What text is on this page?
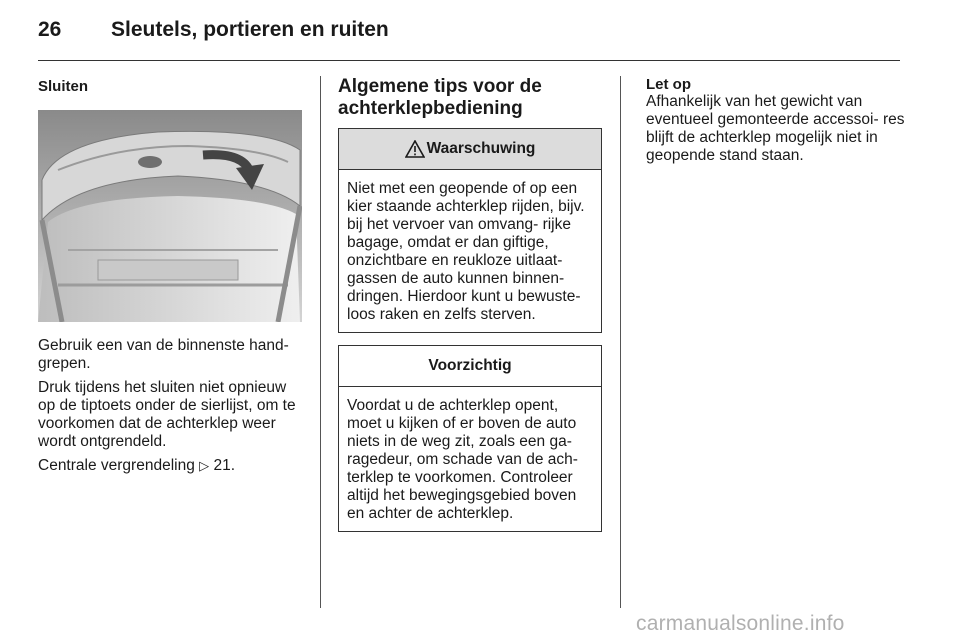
26 Sleutels, portieren en ruiten
Sluiten

Gebruik een van de binnenste hand- grepen.

Druk tijdens het sluiten niet opnieuw op de tiptoets onder de sierlijst, om te voorkomen dat de achterklep weer wordt ontgrendeld.

Centrale vergrendeling ▷ 21.

Algemene tips voor de achterklepbediening
Waarschuwing

Niet met een geopende of op een kier staande achterklep rijden, bijv. bij het vervoer van omvang- rijke bagage, omdat er dan giftige, onzichtbare en reukloze uitlaat- gassen de auto kunnen binnen- dringen. Hierdoor kunt u bewuste- loos raken en zelfs sterven.

Voorzichtig

Voordat u de achterklep opent, moet u kijken of er boven de auto niets in de weg zit, zoals een ga- ragedeur, om schade van de ach- terklep te voorkomen. Controleer altijd het bewegingsgebied boven en achter de achterklep.

Let op

Afhankelijk van het gewicht van eventueel gemonteerde accessoi- res blijft de achterklep mogelijk niet in geopende stand staan.

carmanualsonline.info
